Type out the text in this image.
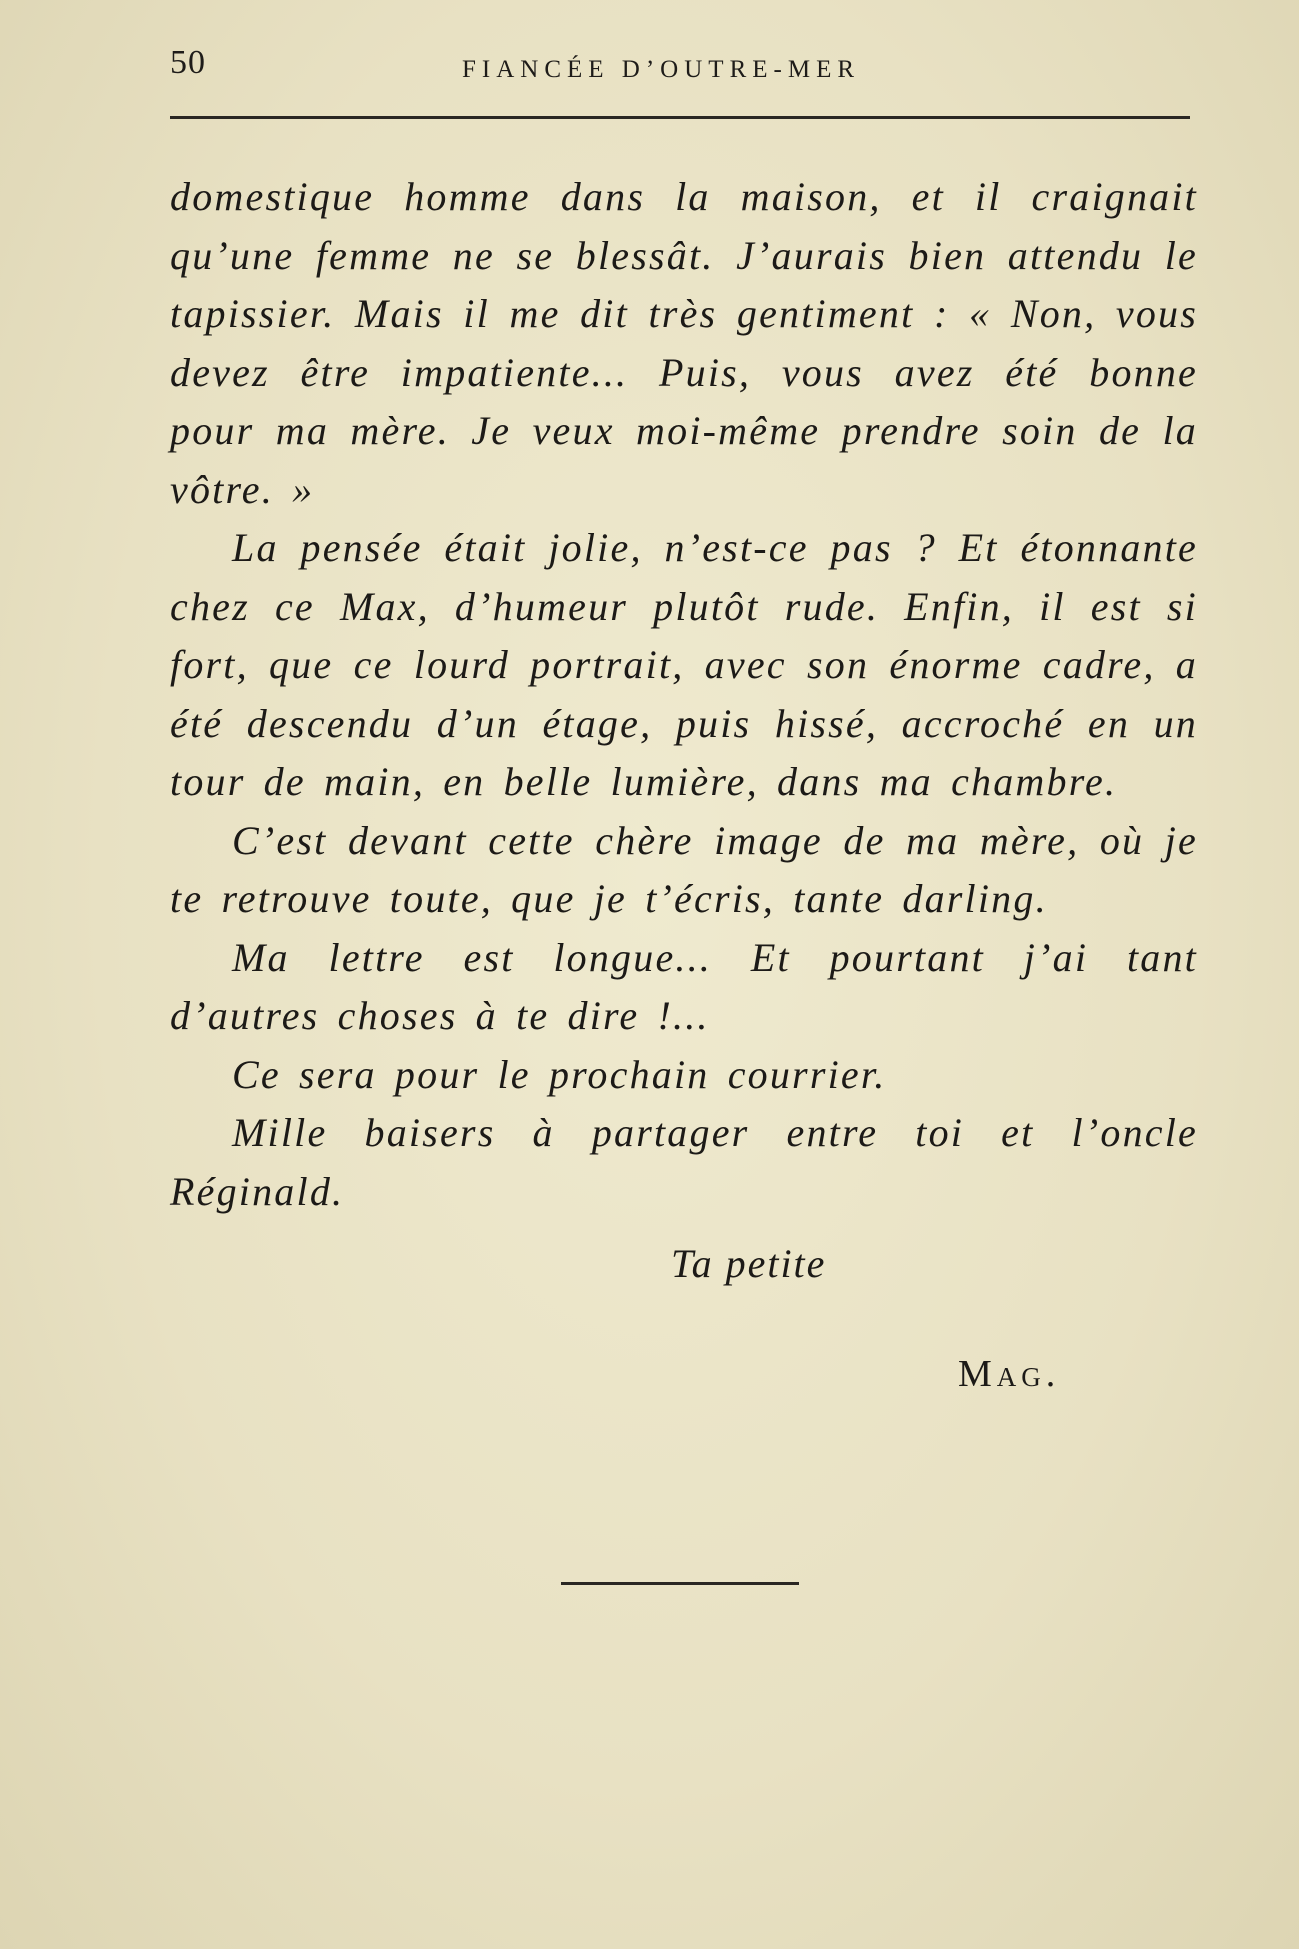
50	FIANCÉE D’OUTRE-MER

domestique homme dans la maison, et il craignait qu’une femme ne se blessât. J’aurais bien attendu le tapissier. Mais il me dit très gentiment : « Non, vous devez être impatiente... Puis, vous avez été bonne pour ma mère. Je veux moi-même prendre soin de la vôtre. »

La pensée était jolie, n’est-ce pas ? Et étonnante chez ce Max, d’humeur plutôt rude. Enfin, il est si fort, que ce lourd portrait, avec son énorme cadre, a été descendu d’un étage, puis hissé, accroché en un tour de main, en belle lumière, dans ma chambre.

C’est devant cette chère image de ma mère, où je te retrouve toute, que je t’écris, tante darling.

Ma lettre est longue... Et pourtant j’ai tant d’autres choses à te dire !...

Ce sera pour le prochain courrier.

Mille baisers à partager entre toi et l’oncle Réginald.

Ta petite
Mag.
